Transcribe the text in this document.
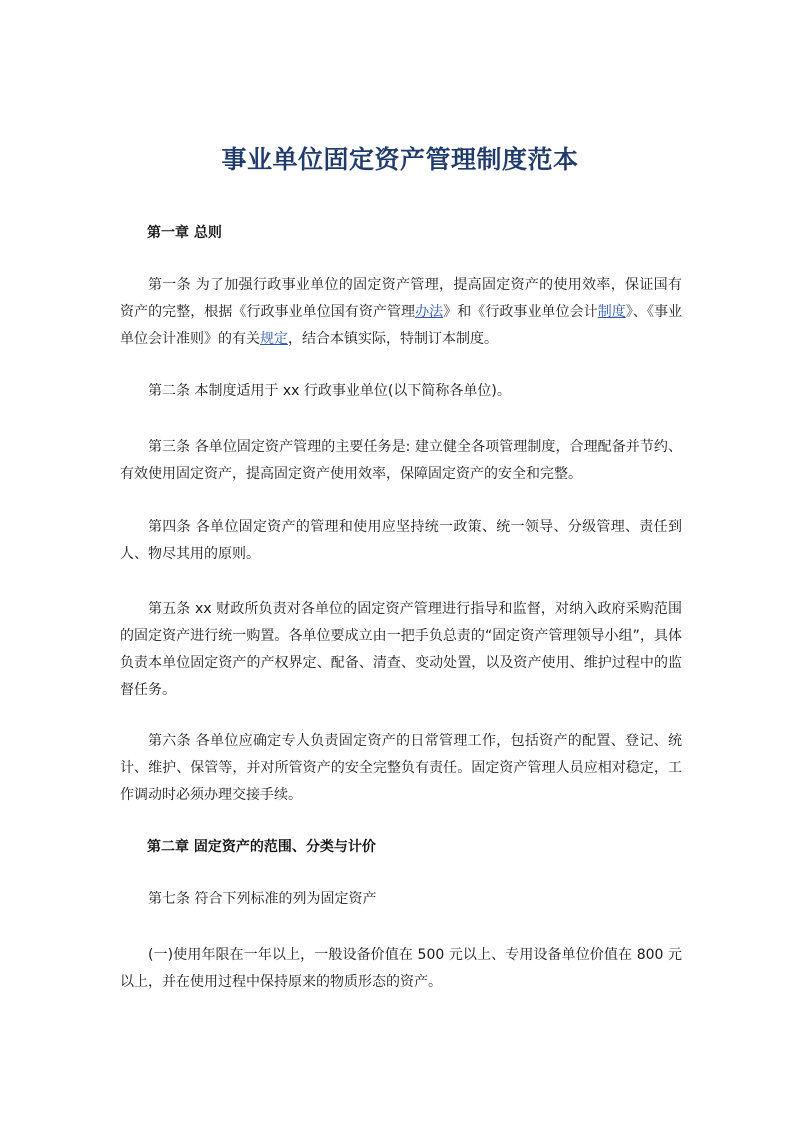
事业单位固定资产管理制度范本

第一章 总则

第一条 为了加强行政事业单位的固定资产管理，提高固定资产的使用效率，保证国有资产的完整，根据《行政事业单位国有资产管理办法》和《行政事业单位会计制度》、《事业单位会计准则》的有关规定，结合本镇实际，特制订本制度。

第二条 本制度适用于 xx 行政事业单位(以下简称各单位)。

第三条 各单位固定资产管理的主要任务是: 建立健全各项管理制度，合理配备并节约、有效使用固定资产，提高固定资产使用效率，保障固定资产的安全和完整。

第四条 各单位固定资产的管理和使用应坚持统一政策、统一领导、分级管理、责任到人、物尽其用的原则。

第五条 xx 财政所负责对各单位的固定资产管理进行指导和监督，对纳入政府采购范围的固定资产进行统一购置。各单位要成立由一把手负总责的“固定资产管理领导小组”，具体负责本单位固定资产的产权界定、配备、清查、变动处置，以及资产使用、维护过程中的监督任务。

第六条 各单位应确定专人负责固定资产的日常管理工作，包括资产的配置、登记、统计、维护、保管等，并对所管资产的安全完整负有责任。固定资产管理人员应相对稳定，工作调动时必须办理交接手续。

第二章 固定资产的范围、分类与计价

第七条 符合下列标准的列为固定资产

(一)使用年限在一年以上，一般设备价值在 500 元以上、专用设备单位价值在 800 元以上，并在使用过程中保持原来的物质形态的资产。
